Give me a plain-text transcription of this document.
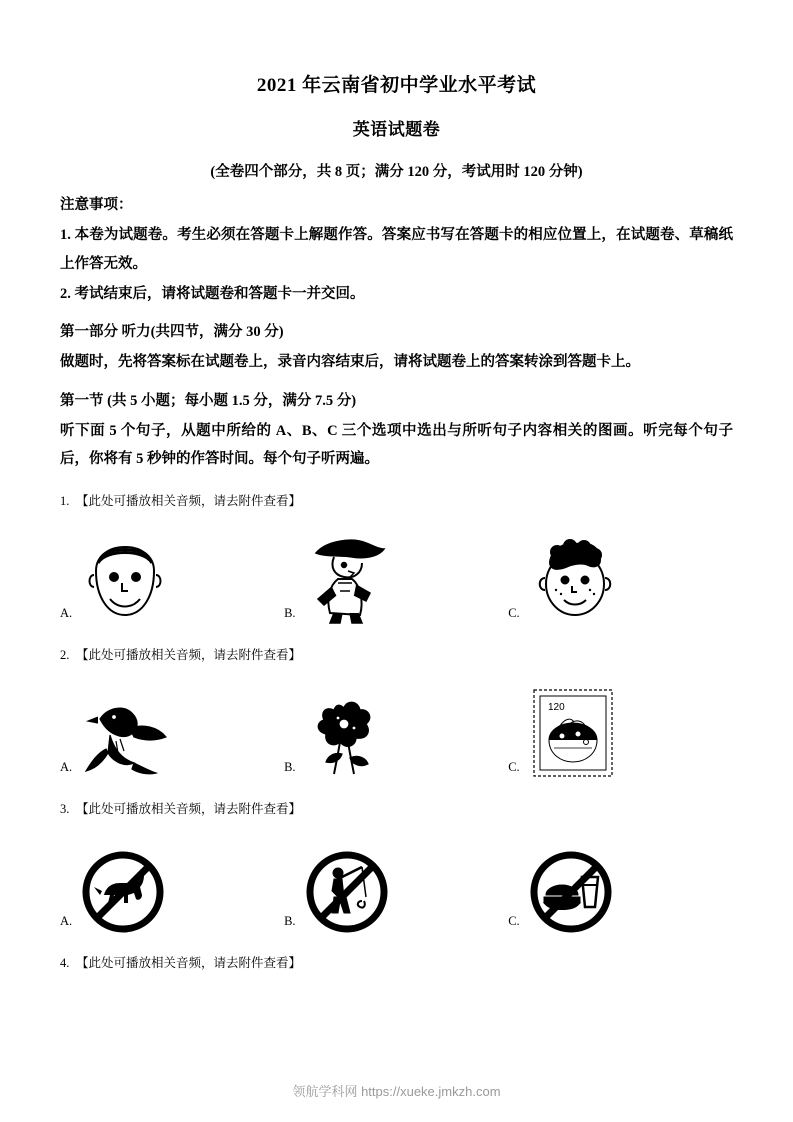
2021 年云南省初中学业水平考试
英语试题卷
(全卷四个部分，共 8 页；满分 120 分，考试用时 120 分钟)
注意事项：
1. 本卷为试题卷。考生必须在答题卡上解题作答。答案应书写在答题卡的相应位置上，在试题卷、草稿纸上作答无效。
2. 考试结束后，请将试题卷和答题卡一并交回。
第一部分 听力(共四节，满分 30 分)
做题时，先将答案标在试题卷上，录音内容结束后，请将试题卷上的答案转涂到答题卡上。
第一节 (共 5 小题；每小题 1.5 分，满分 7.5 分)
听下面 5 个句子，从题中所给的 A、B、C 三个选项中选出与所听句子内容相关的图画。听完每个句子后，你将有 5 秒钟的作答时间。每个句子听两遍。
1. 【此处可播放相关音频，请去附件查看】
A.	B.	C.
2. 【此处可播放相关音频，请去附件查看】
A.	B.	C.
120
3. 【此处可播放相关音频，请去附件查看】
A.	B.	C.
4. 【此处可播放相关音频，请去附件查看】
领航学科网 https://xueke.jmkzh.com
